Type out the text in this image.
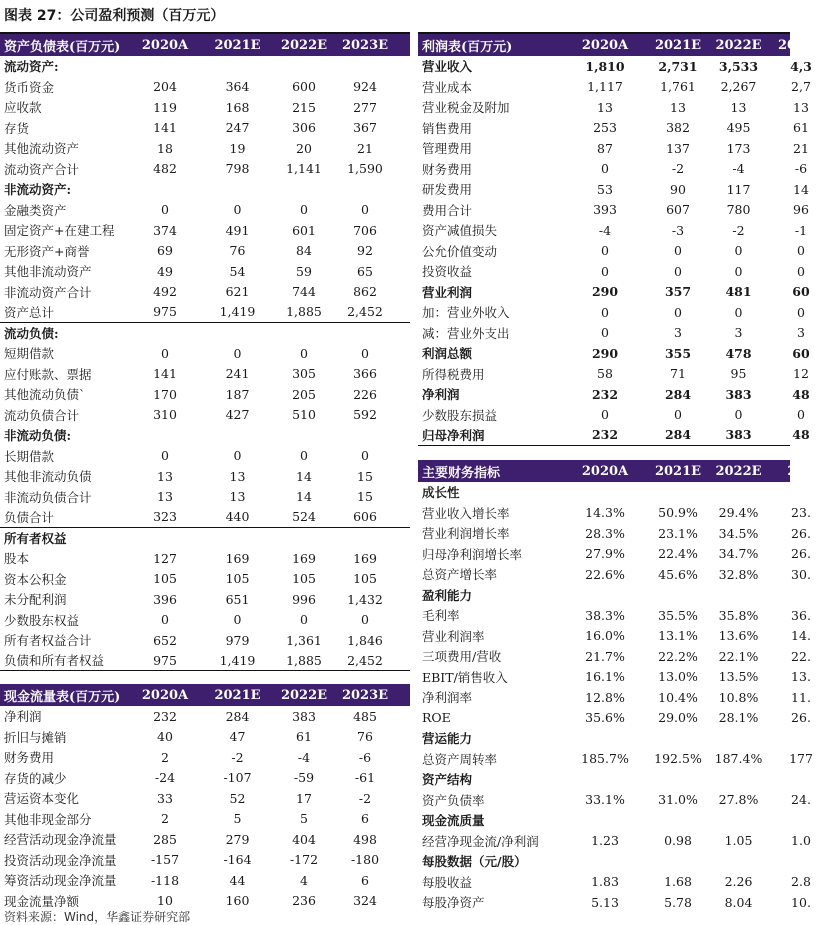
图表 27：公司盈利预测（百万元）
资产负债表(百万元)	2020A	2021E	2022E	2023E
流动资产:
货币资金	204	364	600	924
应收款	119	168	215	277
存货	141	247	306	367
其他流动资产	18	19	20	21
流动资产合计	482	798	1,141	1,590
非流动资产:
金融类资产	0	0	0	0
固定资产+在建工程	374	491	601	706
无形资产+商誉	69	76	84	92
其他非流动资产	49	54	59	65
非流动资产合计	492	621	744	862
资产总计	975	1,419	1,885	2,452
流动负债:
短期借款	0	0	0	0
应付账款、票据	141	241	305	366
其他流动负债`	170	187	205	226
流动负债合计	310	427	510	592
非流动负债:
长期借款	0	0	0	0
其他非流动负债	13	13	14	15
非流动负债合计	13	13	14	15
负债合计	323	440	524	606
所有者权益
股本	127	169	169	169
资本公积金	105	105	105	105
未分配利润	396	651	996	1,432
少数股东权益	0	0	0	0
所有者权益合计	652	979	1,361	1,846
负债和所有者权益	975	1,419	1,885	2,452
现金流量表(百万元)	2020A	2021E	2022E	2023E
净利润	232	284	383	485
折旧与摊销	40	47	61	76
财务费用	2	-2	-4	-6
存货的减少	-24	-107	-59	-61
营运资本变化	33	52	17	-2
其他非现金部分	2	5	5	6
经营活动现金净流量	285	279	404	498
投资活动现金净流量	-157	-164	-172	-180
筹资活动现金净流量	-118	44	4	6
现金流量净额	10	160	236	324
利润表(百万元)	2020A	2021E	2022E	2023E
营业收入	1,810	2,731	3,533	4,3
营业成本	1,117	1,761	2,267	2,7
营业税金及附加	13	13	13	13
销售费用	253	382	495	61
管理费用	87	137	173	21
财务费用	0	-2	-4	-6
研发费用	53	90	117	14
费用合计	393	607	780	96
资产减值损失	-4	-3	-2	-1
公允价值变动	0	0	0	0
投资收益	0	0	0	0
营业利润	290	357	481	60
加：营业外收入	0	0	0	0
减：营业外支出	0	3	3	3
利润总额	290	355	478	60
所得税费用	58	71	95	12
净利润	232	284	383	48
少数股东损益	0	0	0	0
归母净利润	232	284	383	48
主要财务指标	2020A	2021E	2022E	202
成长性
营业收入增长率	14.3%	50.9%	29.4%	23.
营业利润增长率	28.3%	23.1%	34.5%	26.
归母净利润增长率	27.9%	22.4%	34.7%	26.
总资产增长率	22.6%	45.6%	32.8%	30.
盈利能力
毛利率	38.3%	35.5%	35.8%	36.
营业利润率	16.0%	13.1%	13.6%	14.
三项费用/营收	21.7%	22.2%	22.1%	22.
EBIT/销售收入	16.1%	13.0%	13.5%	13.
净利润率	12.8%	10.4%	10.8%	11.
ROE	35.6%	29.0%	28.1%	26.
营运能力
总资产周转率	185.7%	192.5%	187.4%	177
资产结构
资产负债率	33.1%	31.0%	27.8%	24.
现金流质量
经营净现金流/净利润	1.23	0.98	1.05	1.0
每股数据（元/股）
每股收益	1.83	1.68	2.26	2.8
每股净资产	5.13	5.78	8.04	10.
资料来源：Wind，华鑫证券研究部
